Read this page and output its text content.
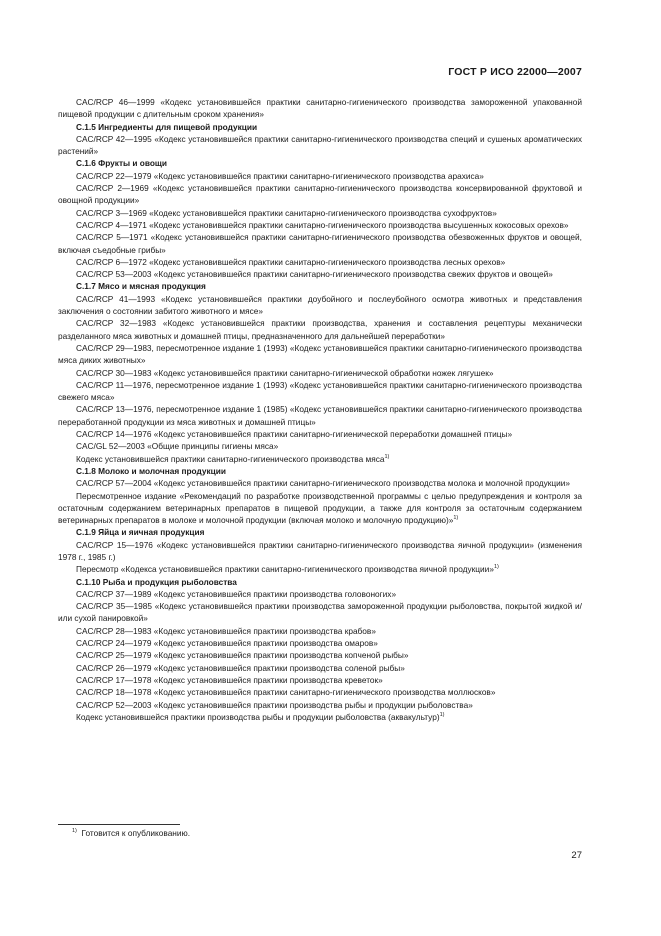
ГОСТ Р ИСО 22000—2007
CAC/RCP 46—1999 «Кодекс установившейся практики санитарно-гигиенического производства замороженной упакованной пищевой продукции с длительным сроком хранения»
С.1.5 Ингредиенты для пищевой продукции
CAC/RCP 42—1995 «Кодекс установившейся практики санитарно-гигиенического производства специй и сушеных ароматических растений»
С.1.6 Фрукты и овощи
CAC/RCP 22—1979 «Кодекс установившейся практики санитарно-гигиенического производства арахиса»
CAC/RCP 2—1969 «Кодекс установившейся практики санитарно-гигиенического производства консервированной фруктовой и овощной продукции»
CAC/RCP 3—1969 «Кодекс установившейся практики санитарно-гигиенического производства сухофруктов»
CAC/RCP 4—1971 «Кодекс установившейся практики санитарно-гигиенического производства высушенных кокосовых орехов»
CAC/RCP 5—1971 «Кодекс установившейся практики санитарно-гигиенического производства обезвоженных фруктов и овощей, включая съедобные грибы»
CAC/RCP 6—1972 «Кодекс установившейся практики санитарно-гигиенического производства лесных орехов»
CAC/RCP 53—2003 «Кодекс установившейся практики санитарно-гигиенического производства свежих фруктов и овощей»
С.1.7 Мясо и мясная продукция
CAC/RCP 41—1993 «Кодекс установившейся практики доубойного и послеубойного осмотра животных и представления заключения о состоянии забитого животного и мясе»
CAC/RCP 32—1983 «Кодекс установившейся практики производства, хранения и составления рецептуры механически разделанного мяса животных и домашней птицы, предназначенного для дальнейшей переработки»
CAC/RCP 29—1983, пересмотренное издание 1 (1993) «Кодекс установившейся практики санитарно-гигиенического производства мяса диких животных»
CAC/RCP 30—1983 «Кодекс установившейся практики санитарно-гигиенической обработки ножек лягушек»
CAC/RCP 11—1976, пересмотренное издание 1 (1993) «Кодекс установившейся практики санитарно-гигиенического производства свежего мяса»
CAC/RCP 13—1976, пересмотренное издание 1 (1985) «Кодекс установившейся практики санитарно-гигиенического производства переработанной продукции из мяса животных и домашней птицы»
CAC/RCP 14—1976 «Кодекс установившейся практики санитарно-гигиенической переработки домашней птицы»
CAC/GL 52—2003 «Общие принципы гигиены мяса»
Кодекс установившейся практики санитарно-гигиенического производства мяса$^{1)}$
С.1.8 Молоко и молочная продукции
CAC/RCP 57—2004 «Кодекс установившейся практики санитарно-гигиенического производства молока и молочной продукции»
Пересмотренное издание «Рекомендаций по разработке производственной программы с целью предупреждения и контроля за остаточным содержанием ветеринарных препаратов в пищевой продукции, а также для контроля за остаточным содержанием ветеринарных препаратов в молоке и молочной продукции (включая молоко и молочную продукцию)»$^{1)}$
С.1.9 Яйца и яичная продукция
CAC/RCP 15—1976 «Кодекс установившейся практики санитарно-гигиенического производства яичной продукции» (изменения 1978 г., 1985 г.)
Пересмотр «Кодекса установившейся практики санитарно-гигиенического производства яичной продукции»$^{1)}$
С.1.10 Рыба и продукция рыболовства
CAC/RCP 37—1989 «Кодекс установившейся практики производства головоногих»
CAC/RCP 35—1985 «Кодекс установившейся практики производства замороженной продукции рыболовства, покрытой жидкой и/или сухой панировкой»
CAC/RCP 28—1983 «Кодекс установившейся практики производства крабов»
CAC/RCP 24—1979 «Кодекс установившейся практики производства омаров»
CAC/RCP 25—1979 «Кодекс установившейся практики производства копченой рыбы»
CAC/RCP 26—1979 «Кодекс установившейся практики производства соленой рыбы»
CAC/RCP 17—1978 «Кодекс установившейся практики производства креветок»
CAC/RCP 18—1978 «Кодекс установившейся практики санитарно-гигиенического производства моллюсков»
CAC/RCP 52—2003 «Кодекс установившейся практики производства рыбы и продукции рыболовства»
Кодекс установившейся практики производства рыбы и продукции рыболовства (аквакультур)$^{1)}$
$^{1)}$ Готовится к опубликованию.
27
